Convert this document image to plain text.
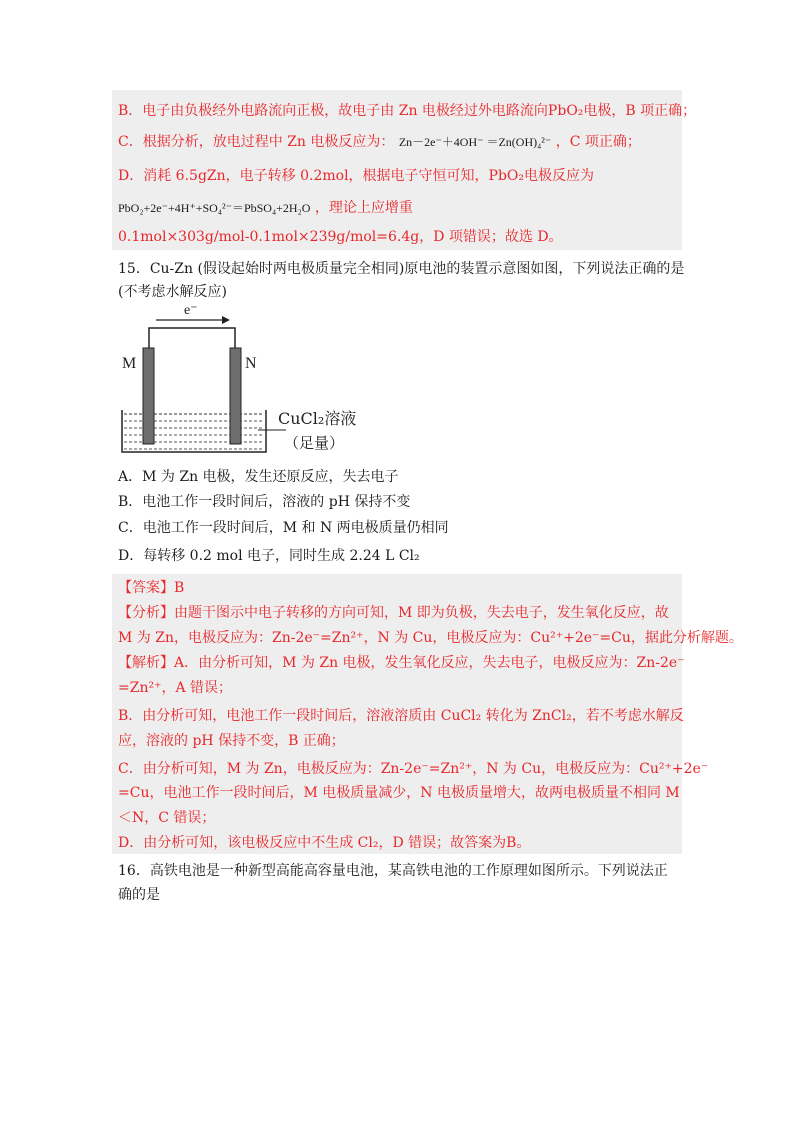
B．电子由负极经外电路流向正极，故电子由 Zn 电极经过外电路流向PbO₂电极，B 项正确；
C．根据分析，放电过程中 Zn 电极反应为： Zn－2e⁻＋4OH⁻ ＝Zn(OH)₄²⁻ ，C 项正确；
D．消耗 6.5gZn，电子转移 0.2mol，根据电子守恒可知，PbO₂电极反应为
PbO₂+2e⁻+4H⁺+SO₄²⁻＝PbSO₄+2H₂O ，理论上应增重
0.1mol×303g/mol-0.1mol×239g/mol=6.4g，D 项错误；故选 D。
15．Cu-Zn (假设起始时两电极质量完全相同)原电池的装置示意图如图，下列说法正确的是
(不考虑水解反应)
e⁻
M	N
CuCl₂溶液
（足量）
A．M 为 Zn 电极，发生还原反应，失去电子
B．电池工作一段时间后，溶液的 pH 保持不变
C．电池工作一段时间后，M 和 N 两电极质量仍相同
D．每转移 0.2 mol 电子，同时生成 2.24 L Cl₂
【答案】B
【分析】由题干图示中电子转移的方向可知，M 即为负极，失去电子，发生氧化反应，故
M 为 Zn，电极反应为：Zn-2e⁻=Zn²⁺，N 为 Cu，电极反应为：Cu²⁺+2e⁻=Cu，据此分析解题。
【解析】A．由分析可知，M 为 Zn 电极，发生氧化反应，失去电子，电极反应为：Zn-2e⁻
=Zn²⁺，A 错误；
B．由分析可知，电池工作一段时间后，溶液溶质由 CuCl₂ 转化为 ZnCl₂，若不考虑水解反
应，溶液的 pH 保持不变，B 正确；
C．由分析可知，M 为 Zn，电极反应为：Zn-2e⁻=Zn²⁺，N 为 Cu，电极反应为：Cu²⁺+2e⁻
=Cu，电池工作一段时间后，M 电极质量减少，N 电极质量增大，故两电极质量不相同 M
＜N，C 错误；
D．由分析可知，该电极反应中不生成 Cl₂，D 错误；故答案为B。
16．高铁电池是一种新型高能高容量电池，某高铁电池的工作原理如图所示。下列说法正
确的是
